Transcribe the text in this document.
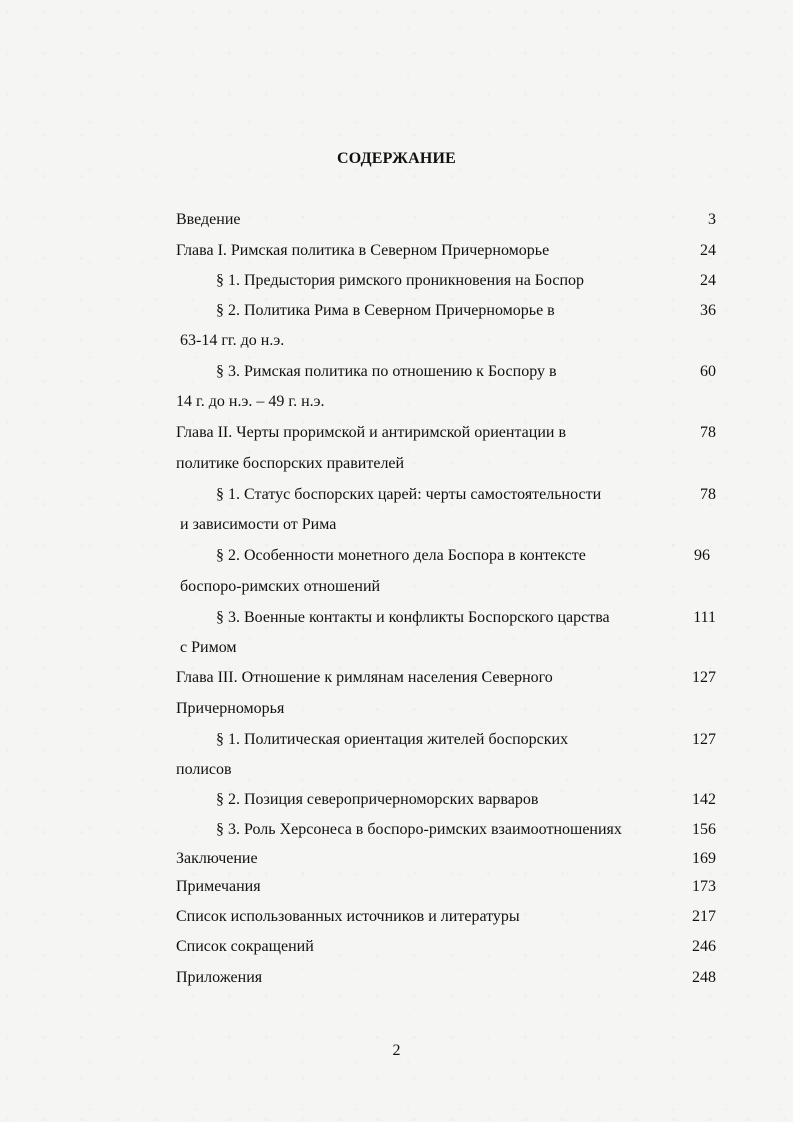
СОДЕРЖАНИЕ
Введение	3
Глава I. Римская политика в Северном Причерноморье	24
§ 1. Предыстория римского проникновения на Боспор	24
§ 2. Политика Рима в Северном Причерноморье в	36
63-14 гг. до н.э.
§ 3. Римская политика по отношению к Боспору в	60
14 г. до н.э. – 49 г. н.э.
Глава II. Черты проримской и антиримской ориентации в	78
политике боспорских правителей
§ 1. Статус боспорских царей: черты самостоятельности	78
и зависимости от Рима
§ 2. Особенности монетного дела Боспора в контексте	96
боспоро-римских отношений
§ 3. Военные контакты и конфликты Боспорского царства	111
с Римом
Глава III. Отношение к римлянам населения Северного	127
Причерноморья
§ 1. Политическая ориентация жителей боспорских	127
полисов
§ 2. Позиция северопричерноморских варваров	142
§ 3. Роль Херсонеса в боспоро-римских взаимоотношениях	156
Заключение	169
Примечания	173
Список использованных источников и литературы	217
Список сокращений	246
Приложения	248
2
